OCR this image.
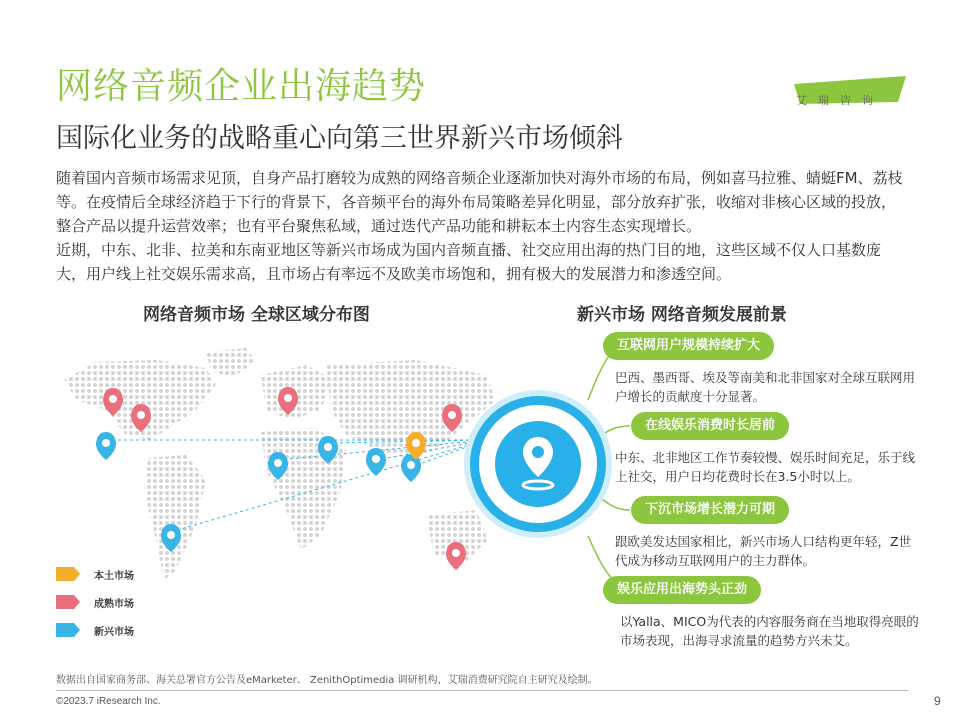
网络音频企业出海趋势
国际化业务的战略重心向第三世界新兴市场倾斜
iResearch
艾瑞咨询

随着国内音频市场需求见顶，自身产品打磨较为成熟的网络音频企业逐渐加快对海外市场的布局，例如喜马拉雅、蜻蜓FM、荔枝等。在疫情后全球经济趋于下行的背景下，各音频平台的海外布局策略差异化明显，部分放弃扩张，收缩对非核心区域的投放，整合产品以提升运营效率；也有平台聚焦私域，通过迭代产品功能和耕耘本土内容生态实现增长。

近期，中东、北非、拉美和东南亚地区等新兴市场成为国内音频直播、社交应用出海的热门目的地，这些区域不仅人口基数庞大，用户线上社交娱乐需求高，且市场占有率远不及欧美市场饱和，拥有极大的发展潜力和渗透空间。

网络音频市场 全球区域分布图
本土市场
成熟市场
新兴市场
新兴市场 网络音频发展前景
互联网用户规模持续扩大
巴西、墨西哥、埃及等南美和北非国家对全球互联网用户增长的贡献度十分显著。
在线娱乐消费时长居前
中东、北非地区工作节奏较慢、娱乐时间充足，乐于线上社交，用户日均花费时长在3.5小时以上。
下沉市场增长潜力可期
跟欧美发达国家相比，新兴市场人口结构更年轻，Z世代成为移动互联网用户的主力群体。
娱乐应用出海势头正劲
以Yalla、MICO为代表的内容服务商在当地取得亮眼的市场表现，出海寻求流量的趋势方兴未艾。
数据出自国家商务部、海关总署官方公告及eMarketer、 ZenithOptimedia 调研机构，艾瑞消费研究院自主研究及绘制。
©2023.7 iResearch Inc.	9
